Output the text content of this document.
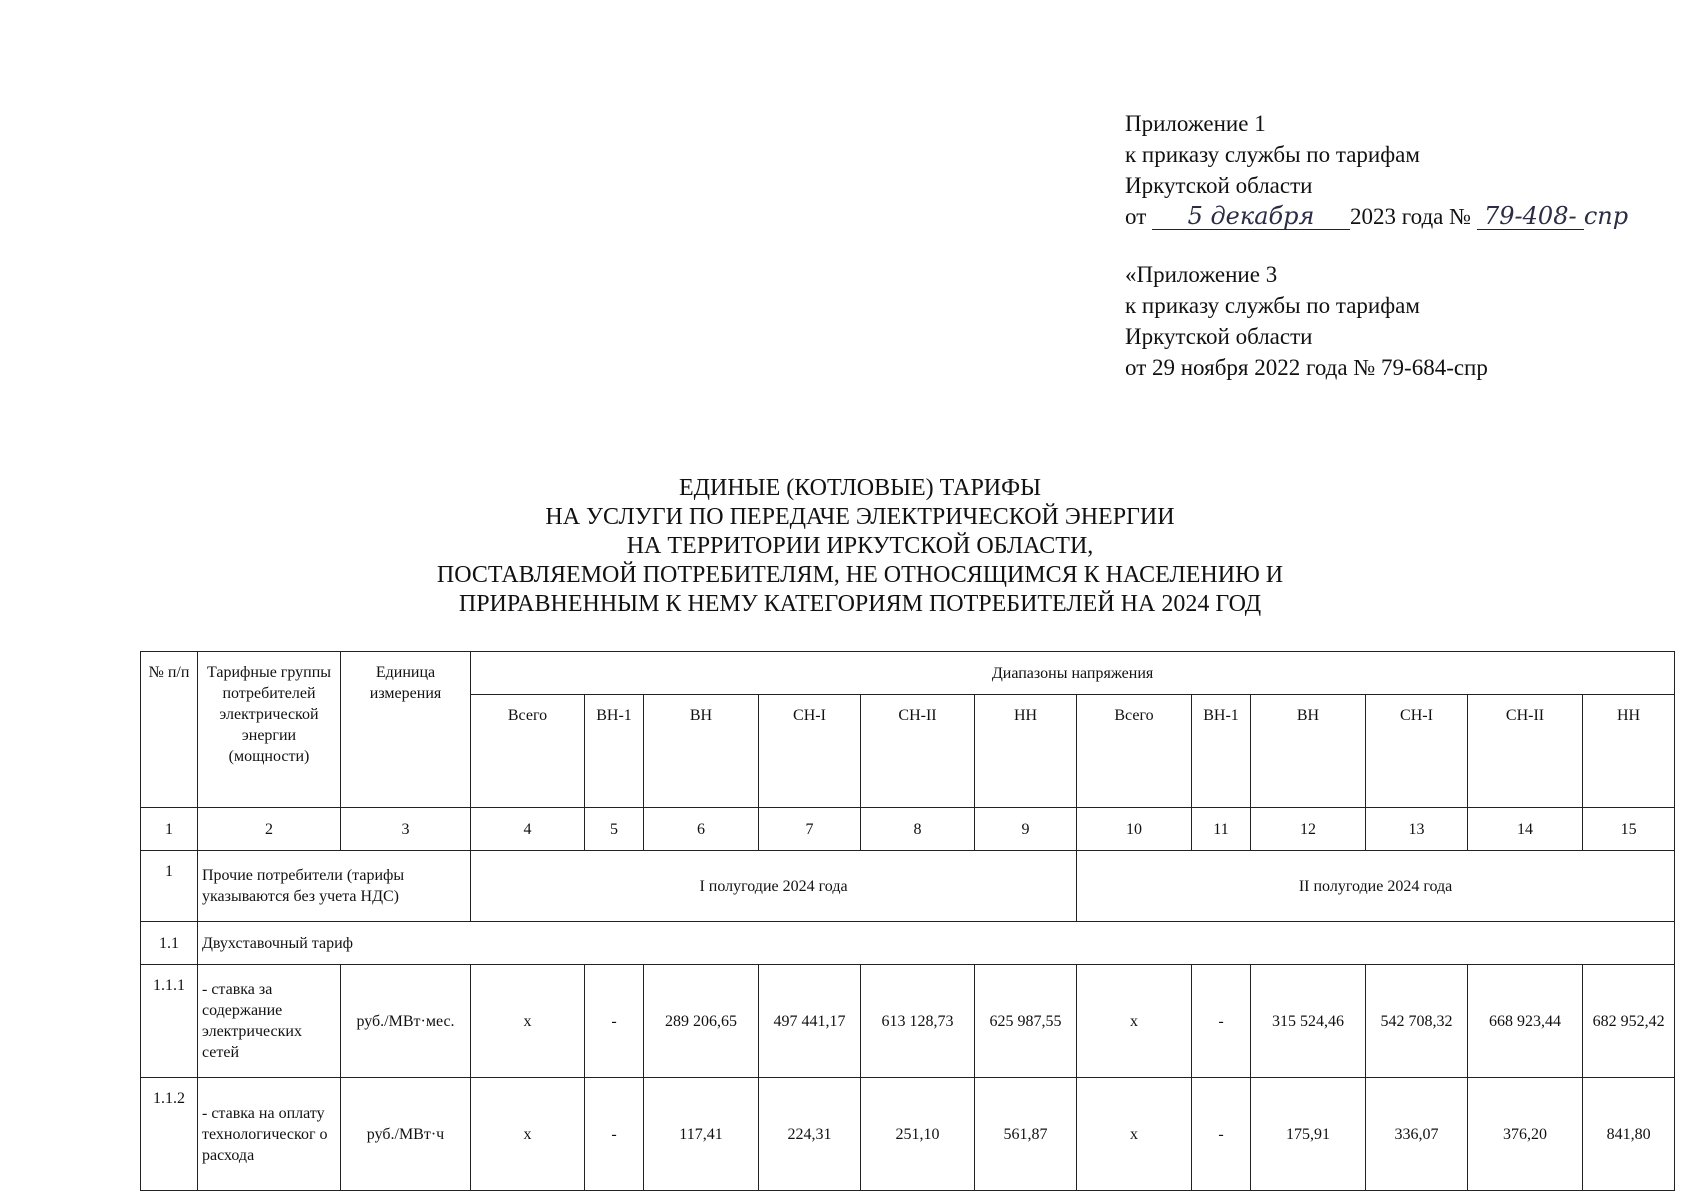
Приложение 1
к приказу службы по тарифам
Иркутской области
от 5 декабря 2023 года № 79-408- спр
«Приложение 3
к приказу службы по тарифам
Иркутской области
от 29 ноября 2022 года № 79-684-спр
ЕДИНЫЕ (КОТЛОВЫЕ) ТАРИФЫ
НА УСЛУГИ ПО ПЕРЕДАЧЕ ЭЛЕКТРИЧЕСКОЙ ЭНЕРГИИ
НА ТЕРРИТОРИИ ИРКУТСКОЙ ОБЛАСТИ,
ПОСТАВЛЯЕМОЙ ПОТРЕБИТЕЛЯМ, НЕ ОТНОСЯЩИМСЯ К НАСЕЛЕНИЮ И
ПРИРАВНЕННЫМ К НЕМУ КАТЕГОРИЯМ ПОТРЕБИТЕЛЕЙ НА 2024 ГОД
№ п/п	Тарифные группы потребителей электрической энергии (мощности)	Единица измерения	Диапазоны напряжения											
			Всего	ВН-1	ВН	СН-I	СН-II	НН	Всего	ВН-1	ВН	СН-I	СН-II	НН
1	2	3	4	5	6	7	8	9	10	11	12	13	14	15
1	Прочие потребители (тарифы указываются без учета НДС)		I полугодие 2024 года						II полугодие 2024 года					
1.1	Двухставочный тариф													
1.1.1	- ставка за содержание электрических сетей	руб./МВт·мес.	х	-	289 206,65	497 441,17	613 128,73	625 987,55	х	-	315 524,46	542 708,32	668 923,44	682 952,42
1.1.2	- ставка на оплату технологическог о расхода	руб./МВт·ч	х	-	117,41	224,31	251,10	561,87	х	-	175,91	336,07	376,20	841,80
